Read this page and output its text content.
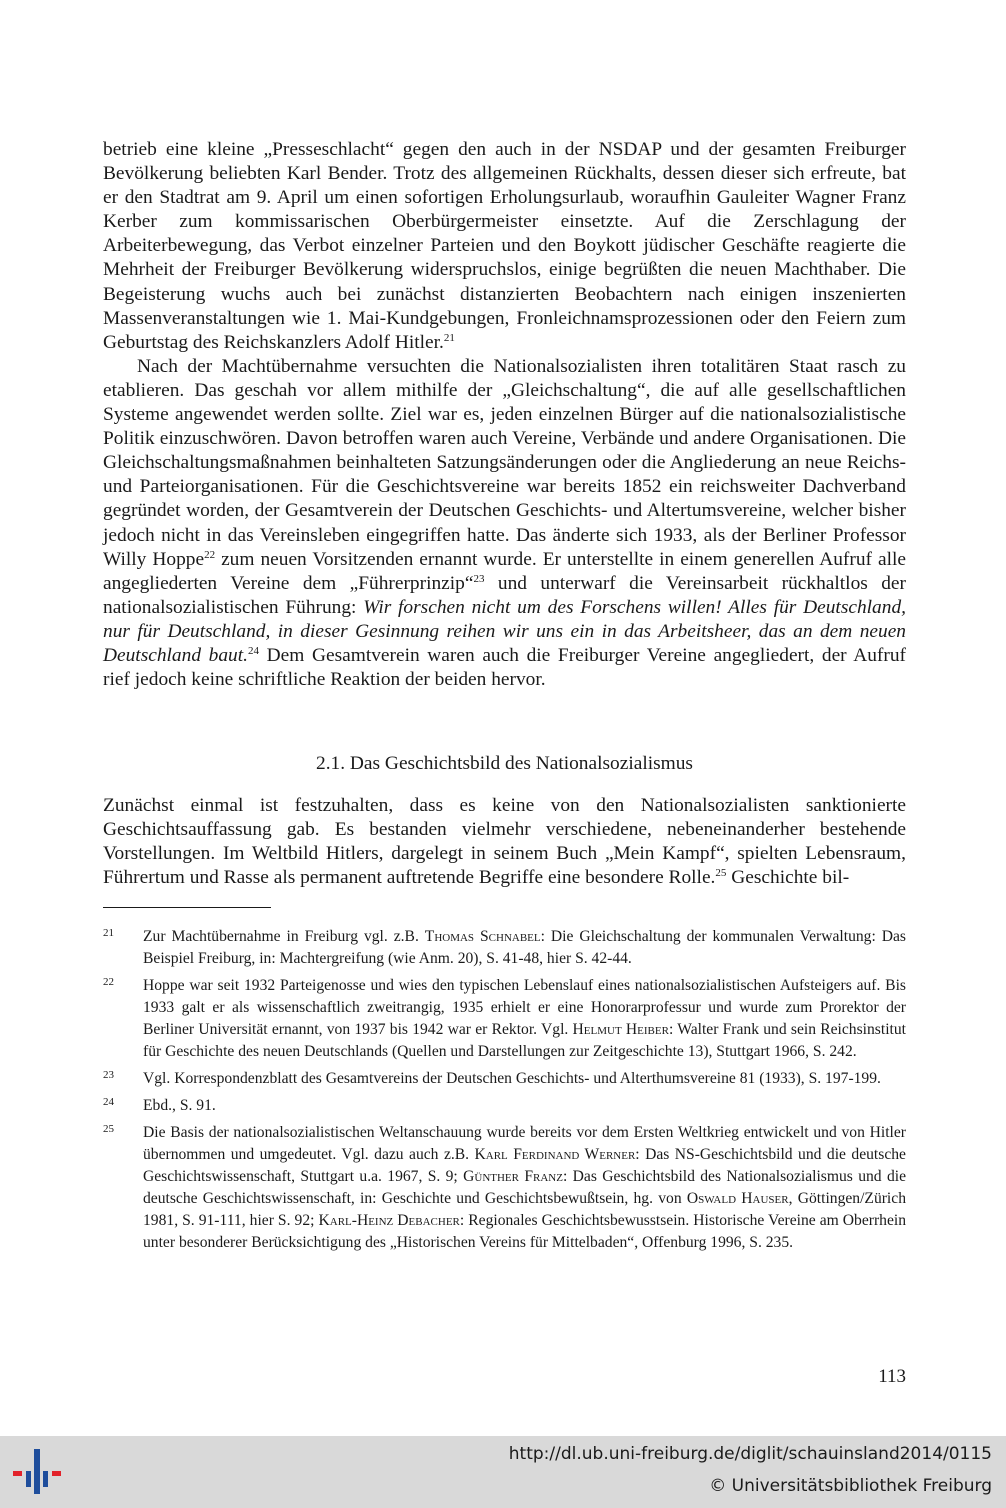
betrieb eine kleine „Presseschlacht“ gegen den auch in der NSDAP und der gesamten Freiburger Bevölkerung beliebten Karl Bender. Trotz des allgemeinen Rückhalts, dessen dieser sich erfreute, bat er den Stadtrat am 9. April um einen sofortigen Erholungsurlaub, woraufhin Gauleiter Wagner Franz Kerber zum kommissarischen Oberbürgermeister einsetzte. Auf die Zerschlagung der Arbeiterbewegung, das Verbot einzelner Parteien und den Boykott jüdischer Geschäfte reagierte die Mehrheit der Freiburger Bevölkerung widerspruchslos, einige begrüßten die neuen Machthaber. Die Begeisterung wuchs auch bei zunächst distanzierten Beobachtern nach einigen inszenierten Massenveranstaltungen wie 1. Mai-Kundgebungen, Fronleichnamsprozessionen oder den Feiern zum Geburtstag des Reichskanzlers Adolf Hitler.$^{21}$

Nach der Machtübernahme versuchten die Nationalsozialisten ihren totalitären Staat rasch zu etablieren. Das geschah vor allem mithilfe der „Gleichschaltung“, die auf alle gesellschaftlichen Systeme angewendet werden sollte. Ziel war es, jeden einzelnen Bürger auf die nationalsozialistische Politik einzuschwören. Davon betroffen waren auch Vereine, Verbände und andere Organisationen. Die Gleichschaltungsmaßnahmen beinhalteten Satzungsänderungen oder die Angliederung an neue Reichs- und Parteiorganisationen. Für die Geschichtsvereine war bereits 1852 ein reichsweiter Dachverband gegründet worden, der Gesamtverein der Deutschen Geschichts- und Altertumsvereine, welcher bisher jedoch nicht in das Vereinsleben eingegriffen hatte. Das änderte sich 1933, als der Berliner Professor Willy Hoppe$^{22}$ zum neuen Vorsitzenden ernannt wurde. Er unterstellte in einem generellen Aufruf alle angegliederten Vereine dem „Führerprinzip“$^{23}$ und unterwarf die Vereinsarbeit rückhaltlos der nationalsozialistischen Führung: Wir forschen nicht um des Forschens willen! Alles für Deutschland, nur für Deutschland, in dieser Gesinnung reihen wir uns ein in das Arbeitsheer, das an dem neuen Deutschland baut.$^{24}$ Dem Gesamtverein waren auch die Freiburger Vereine angegliedert, der Aufruf rief jedoch keine schriftliche Reaktion der beiden hervor.

2.1. Das Geschichtsbild des Nationalsozialismus

Zunächst einmal ist festzuhalten, dass es keine von den Nationalsozialisten sanktionierte Geschichtsauffassung gab. Es bestanden vielmehr verschiedene, nebeneinanderher bestehende Vorstellungen. Im Weltbild Hitlers, dargelegt in seinem Buch „Mein Kampf“, spielten Lebensraum, Führertum und Rasse als permanent auftretende Begriffe eine besondere Rolle.$^{25}$ Geschichte bil-

21 Zur Machtübernahme in Freiburg vgl. z.B. Thomas Schnabel: Die Gleichschaltung der kommunalen Verwaltung: Das Beispiel Freiburg, in: Machtergreifung (wie Anm. 20), S. 41-48, hier S. 42-44.
22 Hoppe war seit 1932 Parteigenosse und wies den typischen Lebenslauf eines nationalsozialistischen Aufsteigers auf. Bis 1933 galt er als wissenschaftlich zweitrangig, 1935 erhielt er eine Honorarprofessur und wurde zum Prorektor der Berliner Universität ernannt, von 1937 bis 1942 war er Rektor. Vgl. Helmut Heiber: Walter Frank und sein Reichsinstitut für Geschichte des neuen Deutschlands (Quellen und Darstellungen zur Zeitgeschichte 13), Stuttgart 1966, S. 242.
23 Vgl. Korrespondenzblatt des Gesamtvereins der Deutschen Geschichts- und Alterthumsvereine 81 (1933), S. 197-199.
24 Ebd., S. 91.
25 Die Basis der nationalsozialistischen Weltanschauung wurde bereits vor dem Ersten Weltkrieg entwickelt und von Hitler übernommen und umgedeutet. Vgl. dazu auch z.B. Karl Ferdinand Werner: Das NS-Geschichtsbild und die deutsche Geschichtswissenschaft, Stuttgart u.a. 1967, S. 9; Günther Franz: Das Geschichtsbild des Nationalsozialismus und die deutsche Geschichtswissenschaft, in: Geschichte und Geschichtsbewußtsein, hg. von Oswald Hauser, Göttingen/Zürich 1981, S. 91-111, hier S. 92; Karl-Heinz Debacher: Regionales Geschichtsbewusstsein. Historische Vereine am Oberrhein unter besonderer Berücksichtigung des „Historischen Vereins für Mittelbaden“, Offenburg 1996, S. 235.
113
http://dl.ub.uni-freiburg.de/diglit/schauinsland2014/0115
© Universitätsbibliothek Freiburg
